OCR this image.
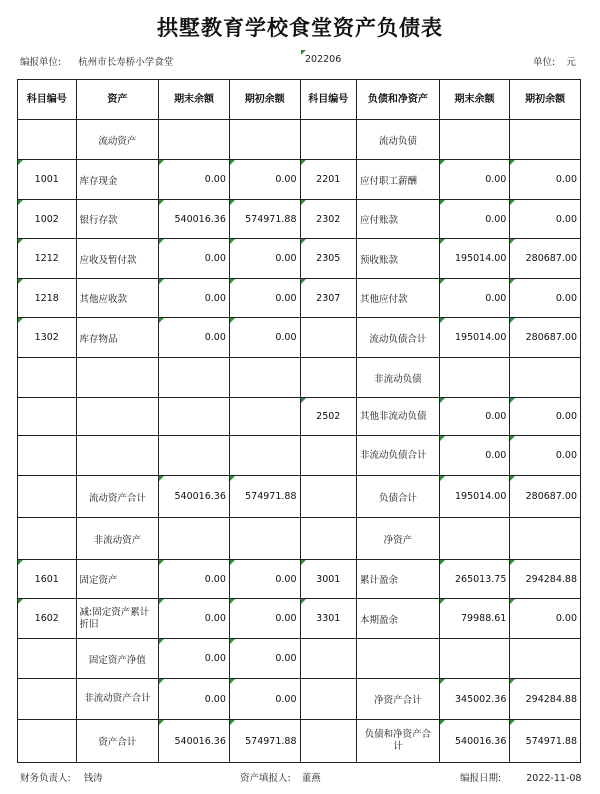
拱墅教育学校食堂资产负债表
编报单位: 杭州市长寿桥小学食堂	202206	单位: 元
科目编号	资产	期末余额	期初余额	科目编号	负债和净资产	期末余额	期初余额
	流动资产				流动负债		
1001	库存现金	0.00	0.00	2201	应付职工薪酬	0.00	0.00
1002	银行存款	540016.36	574971.88	2302	应付账款	0.00	0.00
1212	应收及暂付款	0.00	0.00	2305	预收账款	195014.00	280687.00
1218	其他应收款	0.00	0.00	2307	其他应付款	0.00	0.00
1302	库存物品	0.00	0.00		流动负债合计	195014.00	280687.00
					非流动负债		
				2502	其他非流动负债	0.00	0.00
					非流动负债合计	0.00	0.00
	流动资产合计	540016.36	574971.88		负债合计	195014.00	280687.00
	非流动资产				净资产		
1601	固定资产	0.00	0.00	3001	累计盈余	265013.75	294284.88
1602	减:固定资产累计折旧	0.00	0.00	3301	本期盈余	79988.61	0.00
	固定资产净值	0.00	0.00				
	非流动资产合计	0.00	0.00		净资产合计	345002.36	294284.88
	资产合计	540016.36	574971.88		负债和净资产合计	540016.36	574971.88
财务负责人: 钱涛	资产填报人: 董燕	编报日期:	2022-11-08
